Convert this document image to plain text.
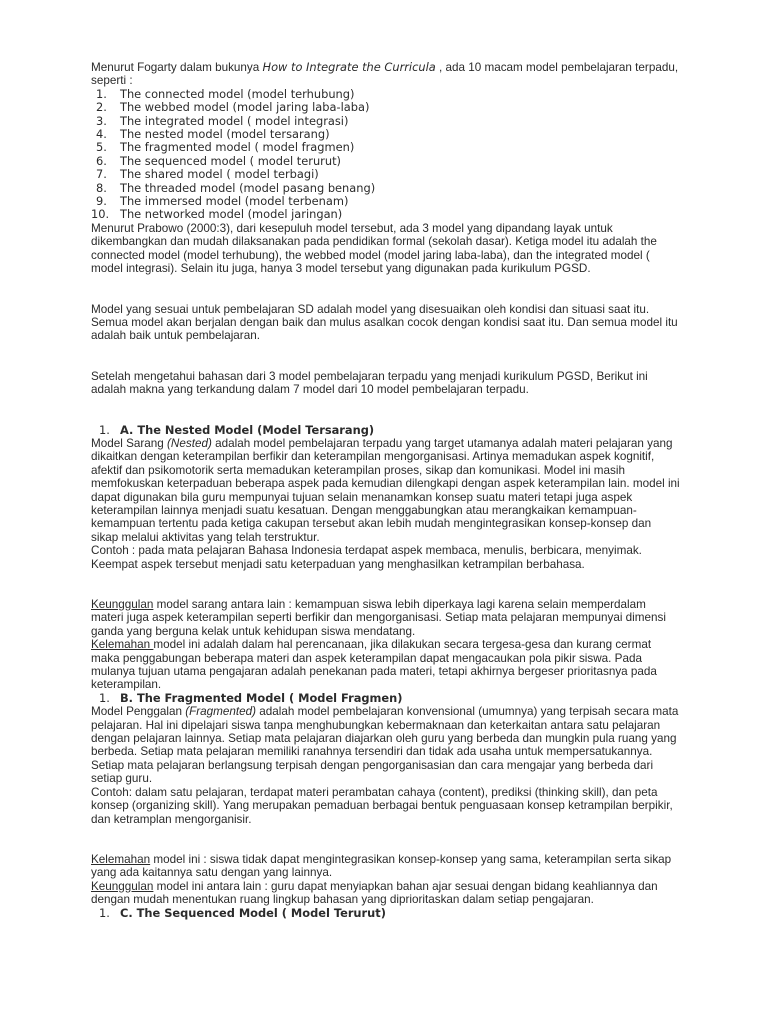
Menurut Fogarty dalam bukunya How to Integrate the Curricula , ada 10 macam model pembelajaran terpadu, seperti :

1.	The connected model (model terhubung)
2.	The webbed model (model jaring laba-laba)
3.	The integrated model ( model integrasi)
4.	The nested model (model tersarang)
5.	The fragmented model ( model fragmen)
6.	The sequenced model ( model terurut)
7.	The shared model ( model terbagi)
8.	The threaded model (model pasang benang)
9.	The immersed model (model terbenam)
10. The networked model (model jaringan)

Menurut Prabowo (2000:3), dari kesepuluh model tersebut, ada 3 model yang dipandang layak untuk dikembangkan dan mudah dilaksanakan pada pendidikan formal (sekolah dasar). Ketiga model itu adalah the connected model (model terhubung), the webbed model (model jaring laba-laba), dan the integrated model ( model integrasi). Selain itu juga, hanya 3 model tersebut yang digunakan pada kurikulum PGSD.

Model yang sesuai untuk pembelajaran SD adalah model yang disesuaikan oleh kondisi dan situasi saat itu. Semua model akan berjalan dengan baik dan mulus asalkan cocok dengan kondisi saat itu. Dan semua model itu adalah baik untuk pembelajaran.

Setelah mengetahui bahasan dari 3 model pembelajaran terpadu yang menjadi kurikulum PGSD, Berikut ini adalah makna yang terkandung dalam 7 model dari 10 model pembelajaran terpadu.

1. A. The Nested Model (Model Tersarang)

Model Sarang (Nested) adalah model pembelajaran terpadu yang target utamanya adalah materi pelajaran yang dikaitkan dengan keterampilan berfikir dan keterampilan mengorganisasi. Artinya memadukan aspek kognitif, afektif dan psikomotorik serta memadukan keterampilan proses, sikap dan komunikasi. Model ini masih memfokuskan keterpaduan beberapa aspek pada kemudian dilengkapi dengan aspek keterampilan lain. model ini dapat digunakan bila guru mempunyai tujuan selain menanamkan konsep suatu materi tetapi juga aspek keterampilan lainnya menjadi suatu kesatuan. Dengan menggabungkan atau merangkaikan kemampuan-kemampuan tertentu pada ketiga cakupan tersebut akan lebih mudah mengintegrasikan konsep-konsep dan sikap melalui aktivitas yang telah terstruktur.

Contoh : pada mata pelajaran Bahasa Indonesia terdapat aspek membaca, menulis, berbicara, menyimak. Keempat aspek tersebut menjadi satu keterpaduan yang menghasilkan ketrampilan berbahasa.

Keunggulan model sarang antara lain : kemampuan siswa lebih diperkaya lagi karena selain memperdalam materi juga aspek keterampilan seperti berfikir dan mengorganisasi. Setiap mata pelajaran mempunyai dimensi ganda yang berguna kelak untuk kehidupan siswa mendatang.

Kelemahan model ini adalah dalam hal perencanaan, jika dilakukan secara tergesa-gesa dan kurang cermat maka penggabungan beberapa materi dan aspek keterampilan dapat mengacaukan pola pikir siswa. Pada mulanya tujuan utama pengajaran adalah penekanan pada materi, tetapi akhirnya bergeser prioritasnya pada keterampilan.

1. B. The Fragmented Model ( Model Fragmen)

Model Penggalan (Fragmented) adalah model pembelajaran konvensional (umumnya) yang terpisah secara mata pelajaran. Hal ini dipelajari siswa tanpa menghubungkan kebermaknaan dan keterkaitan antara satu pelajaran dengan pelajaran lainnya. Setiap mata pelajaran diajarkan oleh guru yang berbeda dan mungkin pula ruang yang berbeda. Setiap mata pelajaran memiliki ranahnya tersendiri dan tidak ada usaha untuk mempersatukannya. Setiap mata pelajaran berlangsung terpisah dengan pengorganisasian dan cara mengajar yang berbeda dari setiap guru.

Contoh: dalam satu pelajaran, terdapat materi perambatan cahaya (content), prediksi (thinking skill), dan peta konsep (organizing skill). Yang merupakan pemaduan berbagai bentuk penguasaan konsep ketrampilan berpikir, dan ketramplan mengorganisir.

Kelemahan model ini : siswa tidak dapat mengintegrasikan konsep-konsep yang sama, keterampilan serta sikap yang ada kaitannya satu dengan yang lainnya.

Keunggulan model ini antara lain : guru dapat menyiapkan bahan ajar sesuai dengan bidang keahliannya dan dengan mudah menentukan ruang lingkup bahasan yang diprioritaskan dalam setiap pengajaran.

1. C. The Sequenced Model ( Model Terurut)
